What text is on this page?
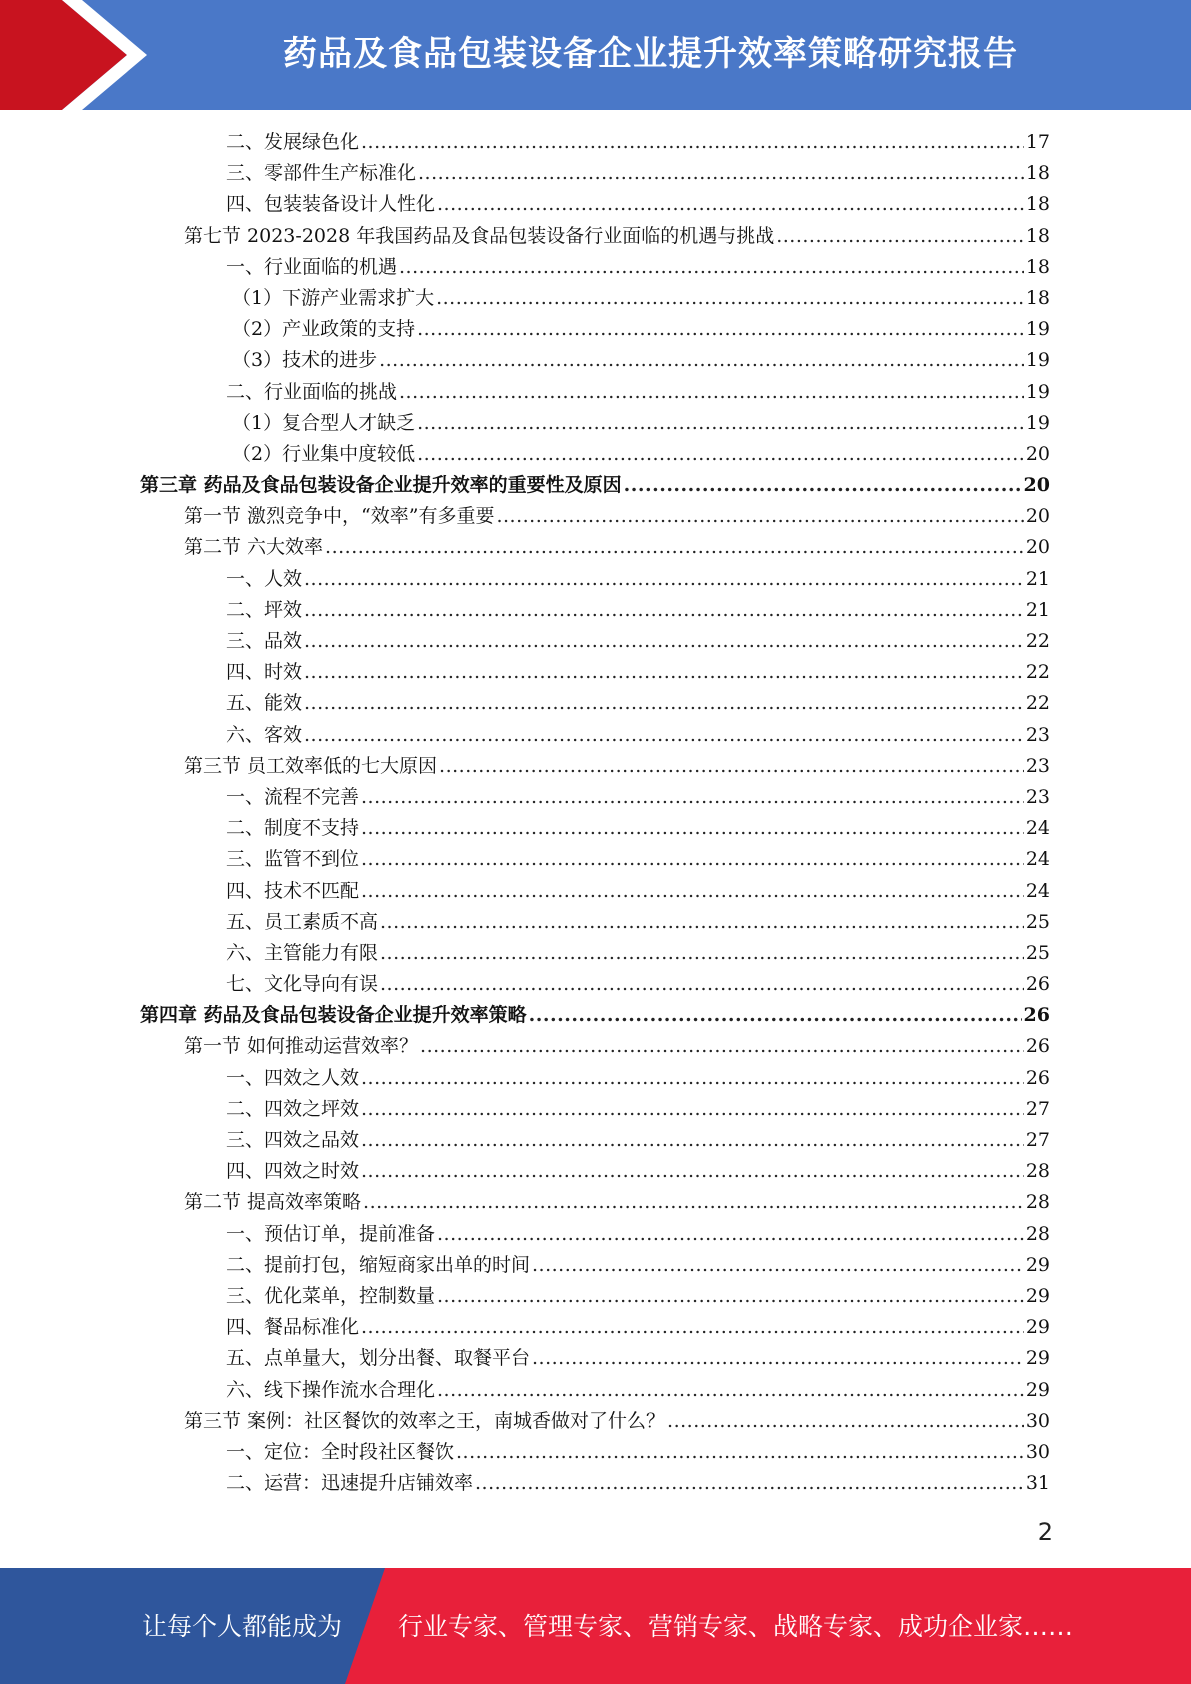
药品及食品包装设备企业提升效率策略研究报告
二、发展绿色化 .....	17
三、零部件生产标准化 .....	18
四、包装装备设计人性化 .....	18
第七节 2023-2028 年我国药品及食品包装设备行业面临的机遇与挑战 .....	18
一、行业面临的机遇 .....	18
（1）下游产业需求扩大 .....	18
（2）产业政策的支持 .....	19
（3）技术的进步 .....	19
二、行业面临的挑战 .....	19
（1）复合型人才缺乏 .....	19
（2）行业集中度较低 .....	20
第三章 药品及食品包装设备企业提升效率的重要性及原因 .....	20
第一节 激烈竞争中，“效率”有多重要 .....	20
第二节 六大效率 .....	20
一、人效 .....	21
二、坪效 .....	21
三、品效 .....	22
四、时效 .....	22
五、能效 .....	22
六、客效 .....	23
第三节 员工效率低的七大原因 .....	23
一、流程不完善 .....	23
二、制度不支持 .....	24
三、监管不到位 .....	24
四、技术不匹配 .....	24
五、员工素质不高 .....	25
六、主管能力有限 .....	25
七、文化导向有误 .....	26
第四章 药品及食品包装设备企业提升效率策略 .....	26
第一节 如何推动运营效率？ .....	26
一、四效之人效 .....	26
二、四效之坪效 .....	27
三、四效之品效 .....	27
四、四效之时效 .....	28
第二节 提高效率策略 .....	28
一、预估订单，提前准备 .....	28
二、提前打包，缩短商家出单的时间 .....	29
三、优化菜单，控制数量 .....	29
四、餐品标准化 .....	29
五、点单量大，划分出餐、取餐平台 .....	29
六、线下操作流水合理化 .....	29
第三节 案例：社区餐饮的效率之王，南城香做对了什么？ .....	30
一、定位：全时段社区餐饮 .....	30
二、运营：迅速提升店铺效率 .....	31
2
让每个人都能成为 行业专家、管理专家、营销专家、战略专家、成功企业家……
